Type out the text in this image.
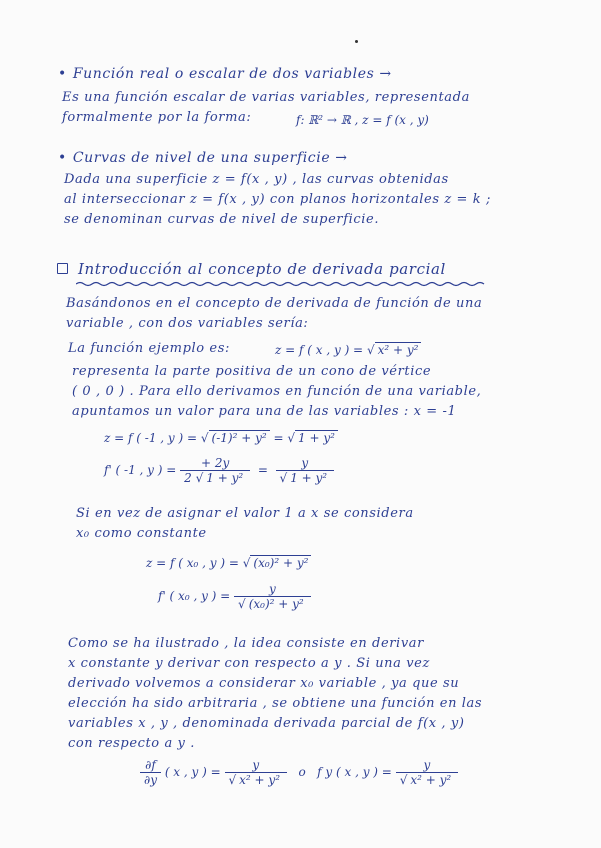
• Función real o escalar de dos variables →
Es una función escalar de varias variables, representada
formalmente por la forma:	f: ℝ² → ℝ , z = f (x , y)
• Curvas de nivel de una superficie →
Dada una superficie z = f(x , y) , las curvas obtenidas
al interseccionar z = f(x , y) con planos horizontales z = k ;
se denominan curvas de nivel de superficie.
Introducción al concepto de derivada parcial
Basándonos en el concepto de derivada de función de una
variable , con dos variables sería:
La función ejemplo es:	z = f ( x , y ) = √ x² + y²
representa la parte positiva de un cono de vértice
( 0 , 0 ) . Para ello derivamos en función de una variable,
apuntamos un valor para una de las variables : x = -1
z = f ( -1 , y ) = √ (-1)² + y² = √ 1 + y²
f' ( -1 , y ) = $\frac{+ 2y}{\text{2 √ 1 + y²}} = \frac{y}{\text{√ 1 + y²}}$
Si en vez de asignar el valor 1 a x se considera
x₀ como constante
z = f ( x₀ , y ) = √ (x₀)² + y²
f' ( x₀ , y ) = $\frac{y}{\text{√ (x₀)² + y²}}$
Como se ha ilustrado , la idea consiste en derivar
x constante y derivar con respecto a y . Si una vez
derivado volvemos a considerar x₀ variable , ya que su
elección ha sido arbitraria , se obtiene una función en las
variables x , y , denominada derivada parcial de f(x , y)
con respecto a y .
$\frac{\partial f}{\partial y}$ ( x , y ) = $\frac{y}{\text{√ x² + y²}}$ o f y ( x , y ) = $\frac{y}{\text{√ x² + y²}}$
